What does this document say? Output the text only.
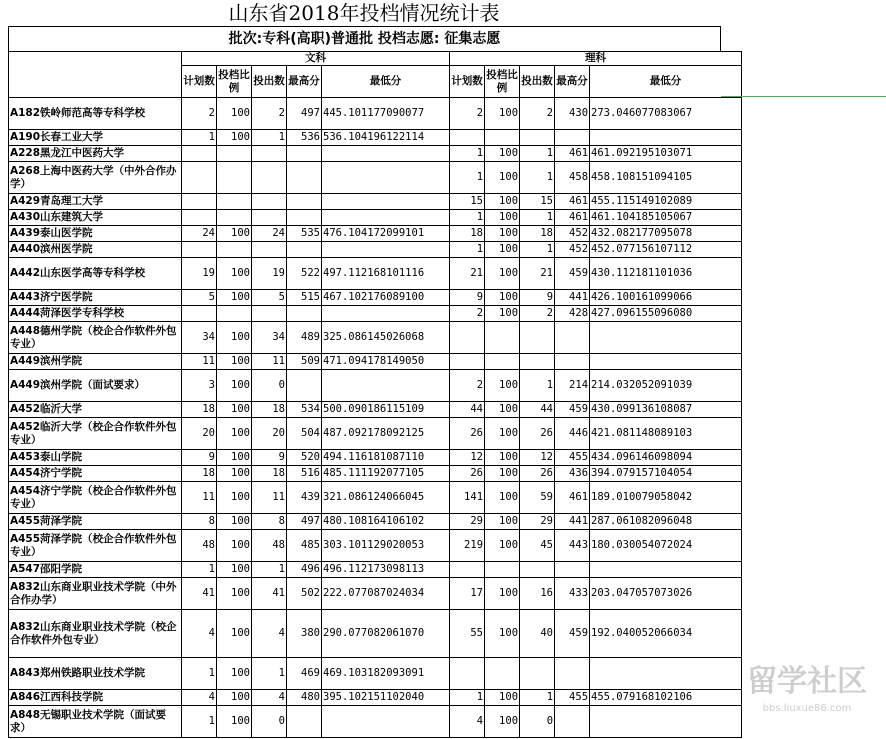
山东省2018年投档情况统计表
批次:专科(高职)普通批 投档志愿: 征集志愿
	文科					理科				
	计划数	投档比例	投出数	最高分	最低分	计划数	投档比例	投出数	最高分	最低分
A182铁岭师范高等专科学校	2	100	2	497	445.101177090077	2	100	2	430	273.046077083067
A190长春工业大学	1	100	1	536	536.104196122114					
A228黑龙江中医药大学						1	100	1	461	461.092195103071
A268上海中医药大学（中外合作办学）						1	100	1	458	458.108151094105
A429青岛理工大学						15	100	15	461	455.115149102089
A430山东建筑大学						1	100	1	461	461.104185105067
A439泰山医学院	24	100	24	535	476.104172099101	18	100	18	452	432.082177095078
A440滨州医学院						1	100	1	452	452.077156107112
A442山东医学高等专科学校	19	100	19	522	497.112168101116	21	100	21	459	430.112181101036
A443济宁医学院	5	100	5	515	467.102176089100	9	100	9	441	426.100161099066
A444菏泽医学专科学校						2	100	2	428	427.096155096080
A448德州学院（校企合作软件外包专业）	34	100	34	489	325.086145026068					
A449滨州学院	11	100	11	509	471.094178149050					
A449滨州学院（面试要求）	3	100	0			2	100	1	214	214.032052091039
A452临沂大学	18	100	18	534	500.090186115109	44	100	44	459	430.099136108087
A452临沂大学（校企合作软件外包专业）	20	100	20	504	487.092178092125	26	100	26	446	421.081148089103
A453泰山学院	9	100	9	520	494.116181087110	12	100	12	455	434.096146098094
A454济宁学院	18	100	18	516	485.111192077105	26	100	26	436	394.079157104054
A454济宁学院（校企合作软件外包专业）	11	100	11	439	321.086124066045	141	100	59	461	189.010079058042
A455菏泽学院	8	100	8	497	480.108164106102	29	100	29	441	287.061082096048
A455菏泽学院（校企合作软件外包专业）	48	100	48	485	303.101129020053	219	100	45	443	180.030054072024
A547邵阳学院	1	100	1	496	496.112173098113					
A832山东商业职业技术学院（中外合作办学）	41	100	41	502	222.077087024034	17	100	16	433	203.047057073026
A832山东商业职业技术学院（校企合作软件外包专业）	4	100	4	380	290.077082061070	55	100	40	459	192.040052066034
A843郑州铁路职业技术学院	1	100	1	469	469.103182093091					
A846江西科技学院	4	100	4	480	395.102151102040	1	100	1	455	455.079168102106
A848无锡职业技术学院（面试要求）	1	100	0			4	100	0		
留学社区
bbs.liuxue86.com
